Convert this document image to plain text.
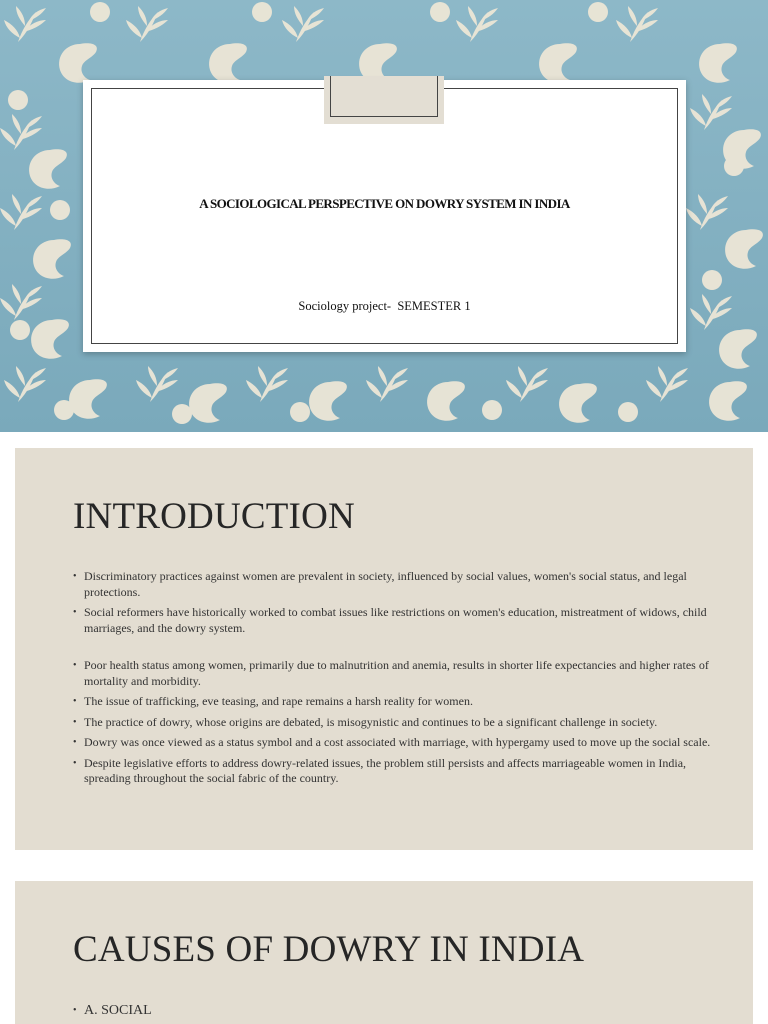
A SOCIOLOGICAL PERSPECTIVE ON DOWRY SYSTEM IN INDIA
Sociology project-  SEMESTER 1
INTRODUCTION
• Discriminatory practices against women are prevalent in society, influenced by social values, women's social status, and legal protections.
• Social reformers have historically worked to combat issues like restrictions on women's education, mistreatment of widows, child marriages, and the dowry system.
• Poor health status among women, primarily due to malnutrition and anemia, results in shorter life expectancies and higher rates of mortality and morbidity.
• The issue of trafficking, eve teasing, and rape remains a harsh reality for women.
• The practice of dowry, whose origins are debated, is misogynistic and continues to be a significant challenge in society.
• Dowry was once viewed as a status symbol and a cost associated with marriage, with hypergamy used to move up the social scale.
• Despite legislative efforts to address dowry-related issues, the problem still persists and affects marriageable women in India, spreading throughout the social fabric of the country.
CAUSES OF DOWRY IN INDIA
• A. SOCIAL
